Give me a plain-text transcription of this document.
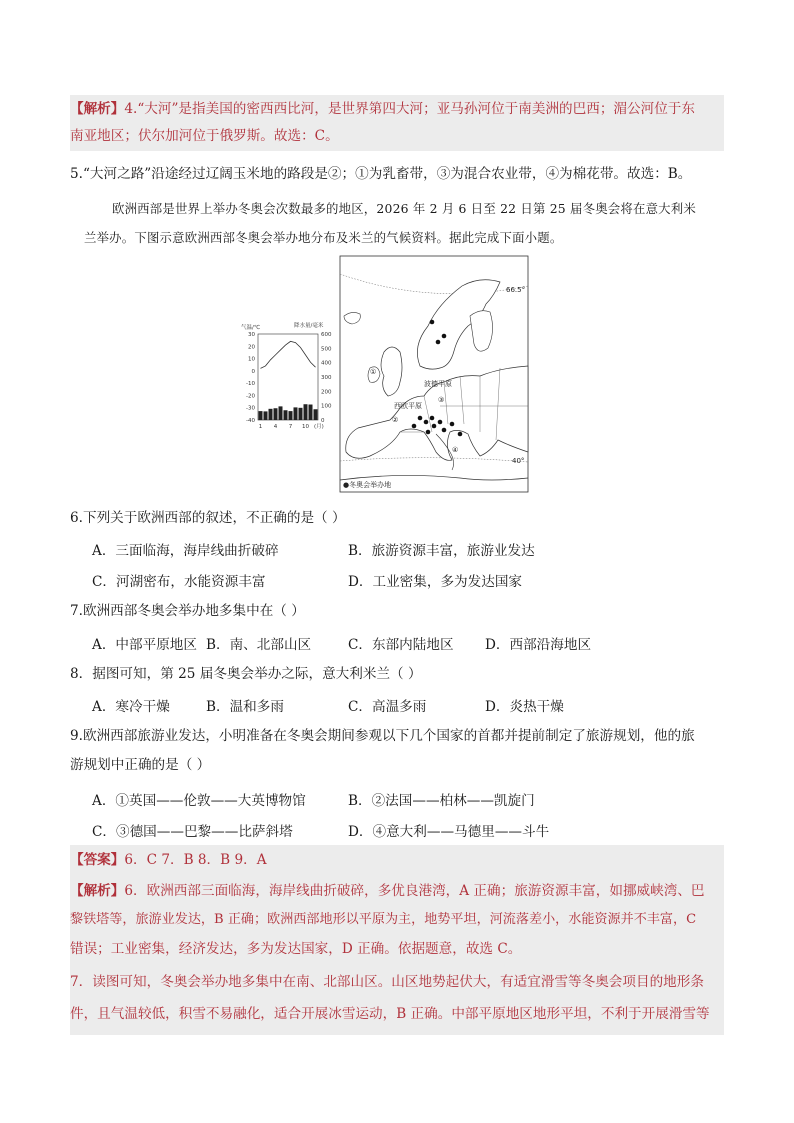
【解析】4.“大河”是指美国的密西西比河，是世界第四大河；亚马孙河位于南美洲的巴西；湄公河位于东
南亚地区；伏尔加河位于俄罗斯。故选：C。
5.“大河之路”沿途经过辽阔玉米地的路段是②；①为乳畜带，③为混合农业带，④为棉花带。故选：B。
欧洲西部是世界上举办冬奥会次数最多的地区，2026 年 2 月 6 日至 22 日第 25 届冬奥会将在意大利米
兰举办。下图示意欧洲西部冬奥会举办地分布及米兰的气候资料。据此完成下面小题。
气温/℃	降水量/毫米
30
20
10
0
-10
-20
-30
-40
600
500
400
300
200
100
0
1 4 7 10 (月)
66.5°
40°
波德平原
西欧平原
①
②
③
④
●冬奥会举办地
6.下列关于欧洲西部的叙述，不正确的是（ ）
A．三面临海，海岸线曲折破碎	B．旅游资源丰富，旅游业发达
C．河湖密布，水能资源丰富	D．工业密集，多为发达国家
7.欧洲西部冬奥会举办地多集中在（ ）
A．中部平原地区 B．南、北部山区	C．东部内陆地区 D．西部沿海地区
8．据图可知，第 25 届冬奥会举办之际，意大利米兰（ ）
A．寒冷干燥	B．温和多雨	C．高温多雨	D．炎热干燥
9.欧洲西部旅游业发达，小明准备在冬奥会期间参观以下几个国家的首都并提前制定了旅游规划，他的旅
游规划中正确的是（ ）
A．①英国——伦敦——大英博物馆	B．②法国——柏林——凯旋门
C．③德国——巴黎——比萨斜塔	D．④意大利——马德里——斗牛
【答案】6．C 7．B 8．B 9．A
【解析】6．欧洲西部三面临海，海岸线曲折破碎，多优良港湾，A 正确；旅游资源丰富，如挪威峡湾、巴
黎铁塔等，旅游业发达，B 正确；欧洲西部地形以平原为主，地势平坦，河流落差小，水能资源并不丰富，C
错误；工业密集，经济发达，多为发达国家，D 正确。依据题意，故选 C。
7．读图可知，冬奥会举办地多集中在南、北部山区。山区地势起伏大，有适宜滑雪等冬奥会项目的地形条
件，且气温较低，积雪不易融化，适合开展冰雪运动，B 正确。中部平原地区地形平坦，不利于开展滑雪等
